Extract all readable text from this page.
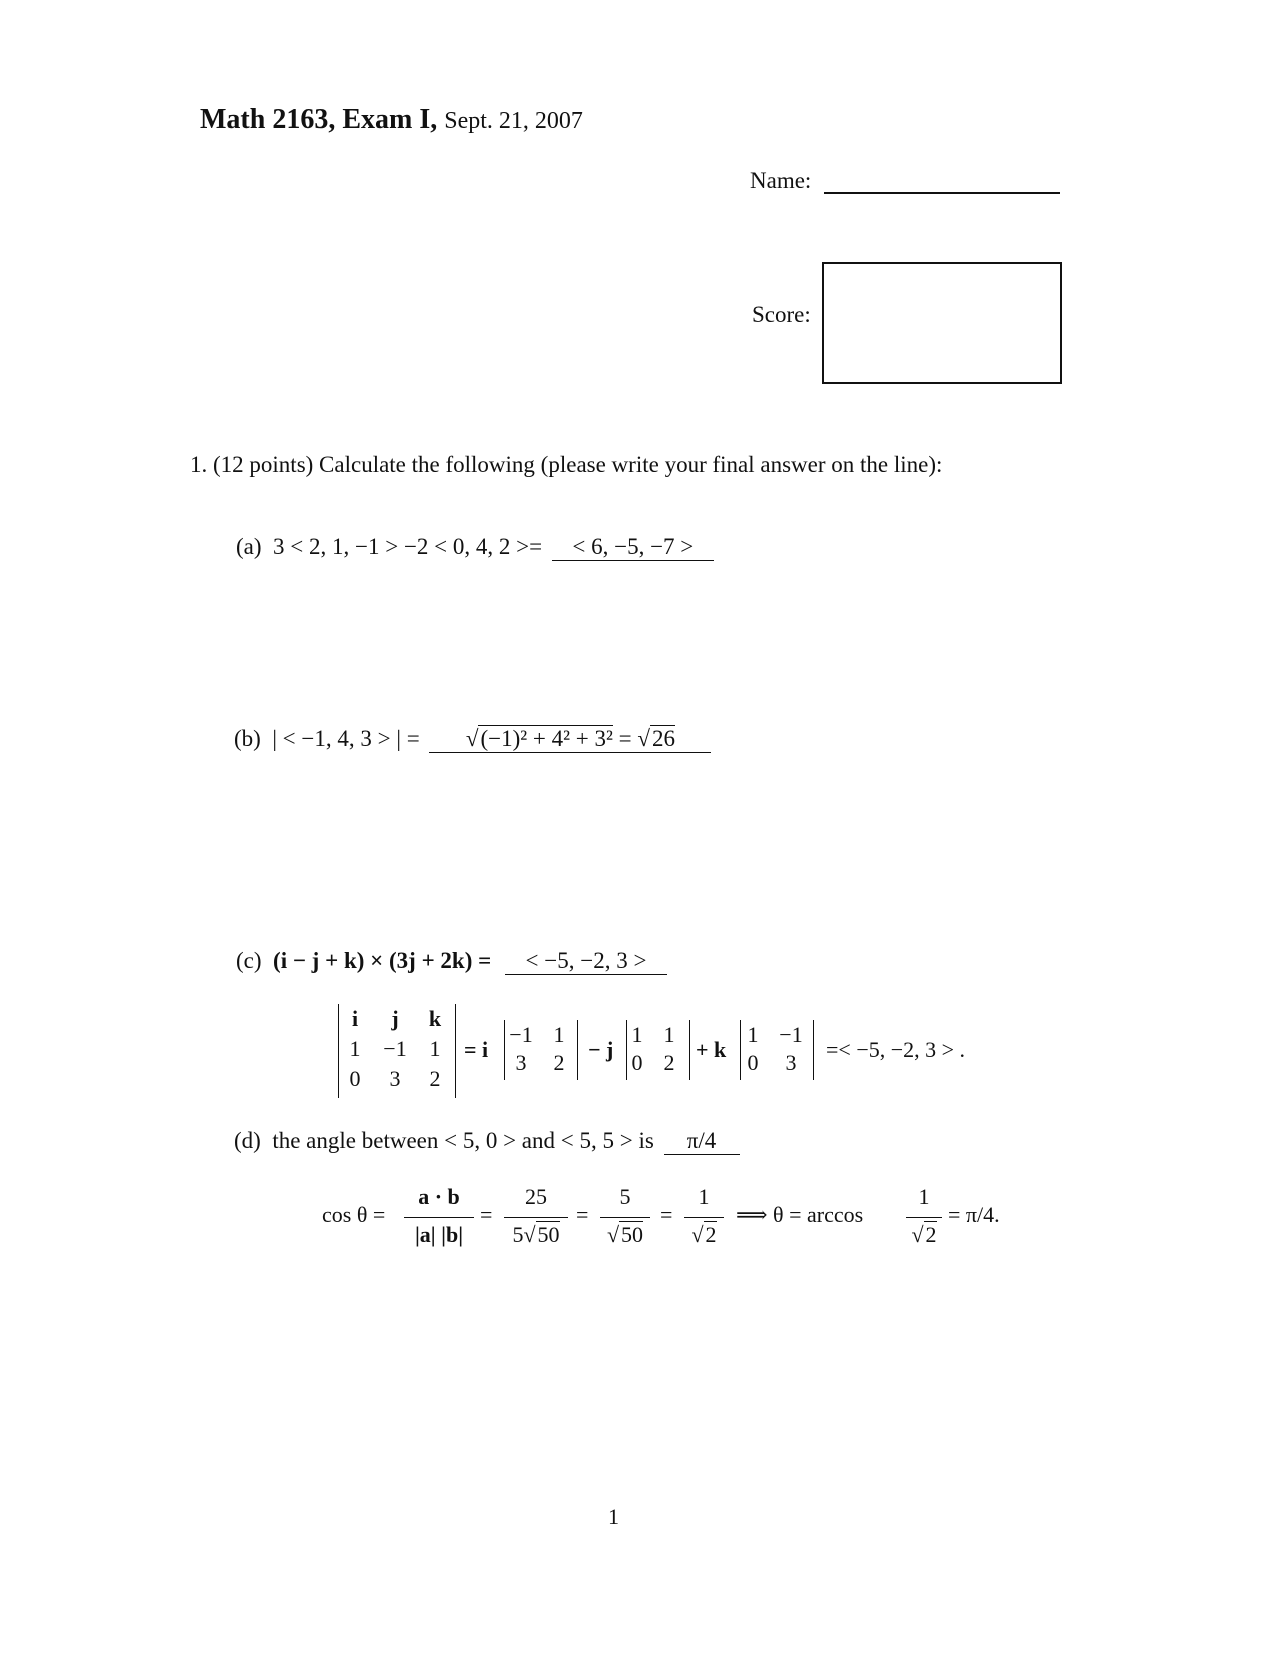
Math 2163, Exam I, Sept. 21, 2007
Name:
Score:
1. (12 points) Calculate the following (please write your final answer on the line):
(a) 3 < 2, 1, −1 > −2 < 0, 4, 2 >= < 6, −5, −7 >
(b) | < −1, 4, 3 > | = √(−1)² + 4² + 3² = √26
(c) (i − j + k) × (3j + 2k) = < −5, −2, 3 >
i	j	k
1	−1	1
0	3	2
= i
−1 1
3	2
− j
1 1
0 2
+ k
1 −1
0	3
=< −5, −2, 3 > .
(d) the angle between < 5, 0 > and < 5, 5 > is π/4
cos θ =
a · b
|a| |b|
=
25
5√50
=
5
√50
=
1
√2
⟹ θ = arccos
1
√2
= π/4.
1
